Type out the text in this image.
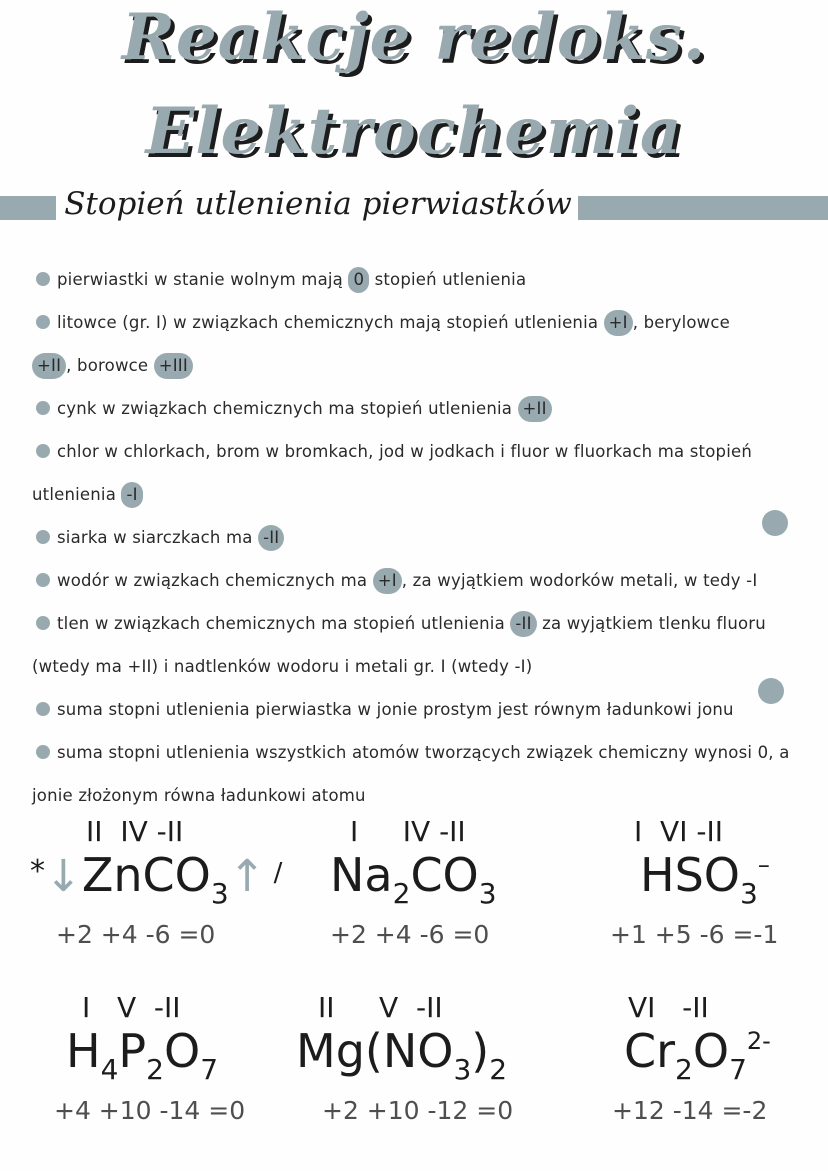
Reakcje redoks.
Elektrochemia
Stopień utlenienia pierwiastków

pierwiastki w stanie wolnym mają 0 stopień utlenienia

litowce (gr. I) w związkach chemicznych mają stopień utlenienia +I , berylowce
+II , borowce +III

cynk w związkach chemicznych ma stopień utlenienia +II

chlor w chlorkach, brom w bromkach, jod w jodkach i fluor w fluorkach ma stopień utlenienia -I

siarka w siarczkach ma -II

wodór w związkach chemicznych ma +I , za wyjątkiem wodorków metali, w tedy -I

tlen w związkach chemicznych ma stopień utlenienia -II za wyjątkiem tlenku fluoru (wtedy ma +II) i nadtlenków wodoru i metali gr. I (wtedy -I)

suma stopni utlenienia pierwiastka w jonie prostym jest równym ładunkowi jonu

suma stopni utlenienia wszystkich atomów tworzących związek chemiczny wynosi 0, a jonie złożonym równa ładunkowi atomu

II  IV -II
*↓ZnCO$_3$↑ /
+2 +4 -6 =0
I     IV -II
$Na_2CO_3$
+2 +4 -6 =0
I  VI -II
$HSO_3^-$
+1 +5 -6 =-1
I   V  -II
$H_4P_2O_7$
+4 +10 -14 =0
II     V  -II
$Mg(NO_3)_2$
+2 +10 -12 =0
VI   -II
$Cr_2O_7^{2-}$
+12 -14 =-2
